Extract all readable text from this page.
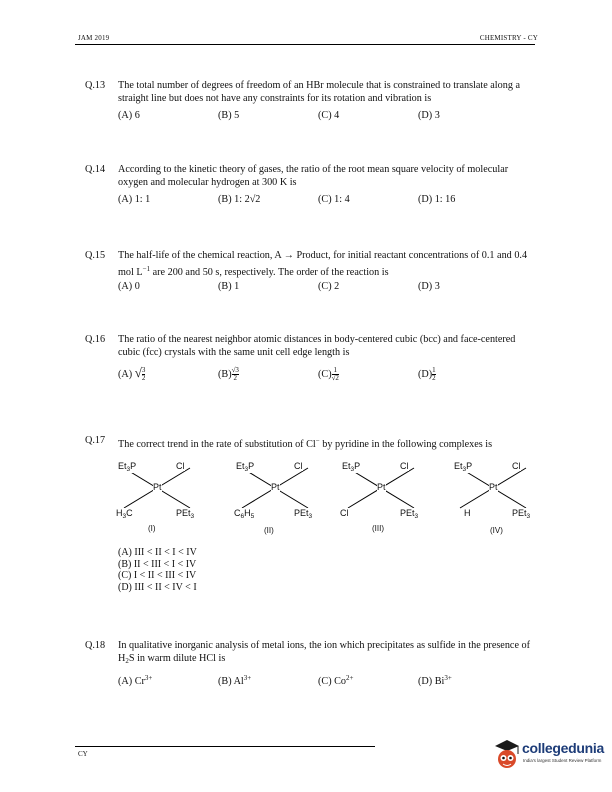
JAM 2019	CHEMISTRY - CY
Q.13 The total number of degrees of freedom of an HBr molecule that is constrained to translate along a straight line but does not have any constraints for its rotation and vibration is
(A) 6	(B) 5	(C) 4	(D) 3
Q.14 According to the kinetic theory of gases, the ratio of the root mean square velocity of molecular oxygen and molecular hydrogen at 300 K is
(A) 1: 1	(B) 1: 2√2	(C) 1: 4	(D) 1: 16
Q.15 The half-life of the chemical reaction, A → Product, for initial reactant concentrations of 0.1 and 0.4 mol $L^{-1}$ are 200 and 50 s, respectively. The order of the reaction is
(A) 0	(B) 1	(C) 2	(D) 3
Q.16 The ratio of the nearest neighbor atomic distances in body-centered cubic (bcc) and face-centered cubic (fcc) crystals with the same unit cell edge length is
(A) √ $\frac{3}{2}$	$(B) \frac{√3}{2}$	$(C) \frac{1}{√2}$	$(D) \frac{1}{2}$
Q.17 The correct trend in the rate of substitution of Cl− by pyridine in the following complexes is
$Et_3P$	Cl
Pt
$H_3C$	PEt$_3$
(I)
$Et_3P$	Cl
Pt
$C_6H_5$	PEt$_3$
(II)
$Et_3P$	Cl
Pt
Cl	PEt$_3$
(III)
$Et_3P$	Cl
Pt
H	PEt$_3$
(IV)
(A) III < II < I < IV
(B) II < III < I < IV
(C) I < II < III < IV
(D) III < II < IV < I
Q.18 In qualitative inorganic analysis of metal ions, the ion which precipitates as sulfide in the presence of $H_2S$ in warm dilute HCl is
(A) $Cr^{3+}$	(B) $Al^{3+}$	(C) $Co^{2+}$	(D) $Bi^{3+}$
CY	collegedunia
India's largest Student Review Platform
